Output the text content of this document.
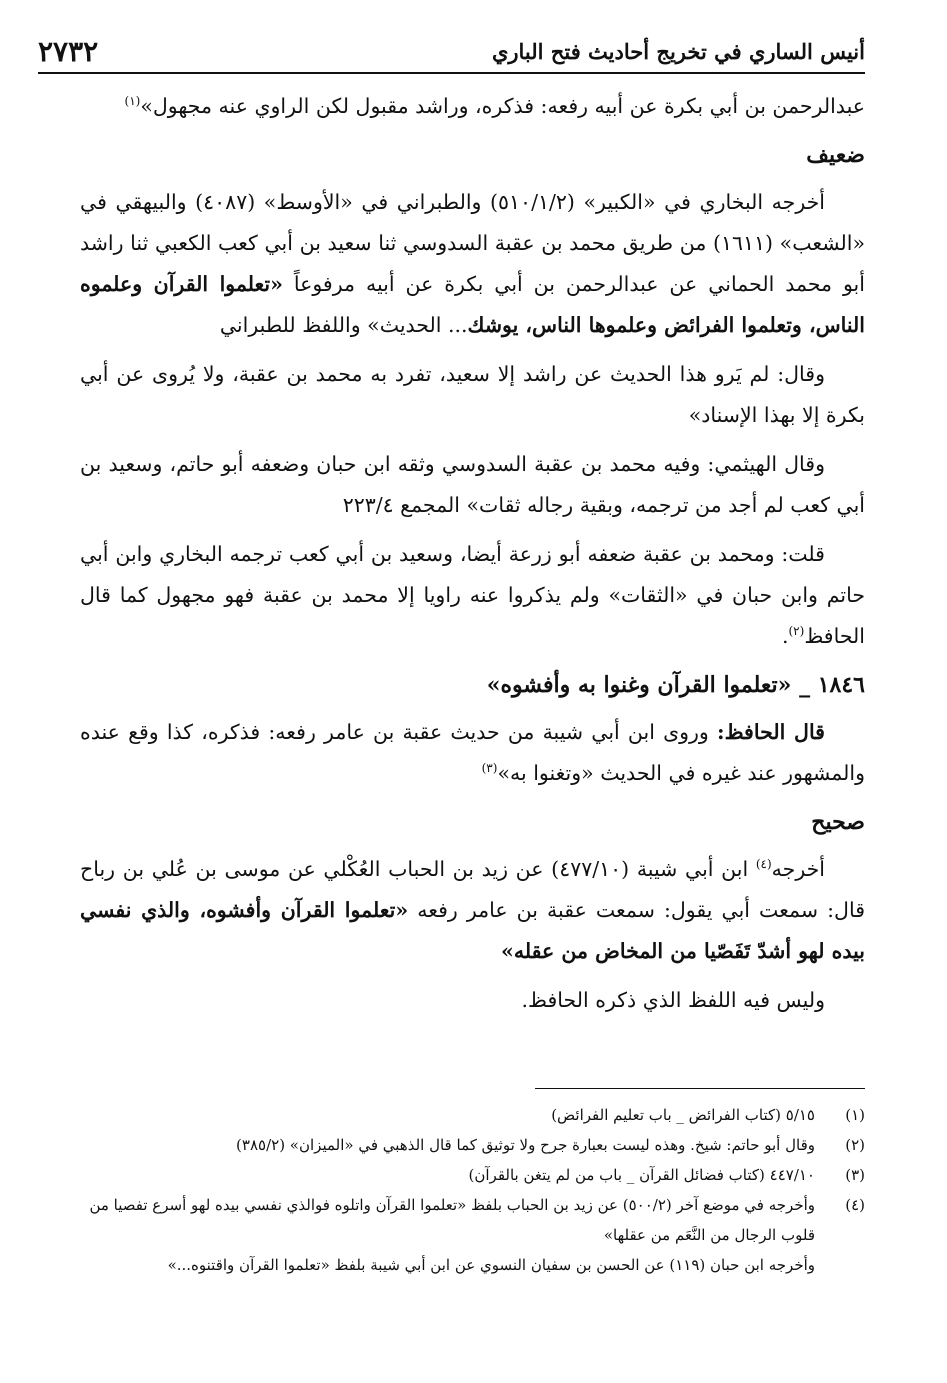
٢٧٣٢	أنيس الساري في تخريج أحاديث فتح الباري

عبدالرحمن بن أبي بكرة عن أبيه رفعه: فذكره، وراشد مقبول لكن الراوي عنه مجهول»$^{(١)}$

ضعيف

أخرجه البخاري في «الكبير» (٥١٠/١/٢) والطبراني في «الأوسط» (٤٠٨٧) والبيهقي في «الشعب» (١٦١١) من طريق محمد بن عقبة السدوسي ثنا سعيد بن أبي كعب الكعبي ثنا راشد أبو محمد الحماني عن عبدالرحمن بن أبي بكرة عن أبيه مرفوعاً «تعلموا القرآن وعلموه الناس، وتعلموا الفرائض وعلموها الناس، يوشك... الحديث» واللفظ للطبراني

وقال: لم يَرو هذا الحديث عن راشد إلا سعيد، تفرد به محمد بن عقبة، ولا يُروى عن أبي بكرة إلا بهذا الإسناد»

وقال الهيثمي: وفيه محمد بن عقبة السدوسي وثقه ابن حبان وضعفه أبو حاتم، وسعيد بن أبي كعب لم أجد من ترجمه، وبقية رجاله ثقات» المجمع ٢٢٣/٤

قلت: ومحمد بن عقبة ضعفه أبو زرعة أيضا، وسعيد بن أبي كعب ترجمه البخاري وابن أبي حاتم وابن حبان في «الثقات» ولم يذكروا عنه راويا إلا محمد بن عقبة فهو مجهول كما قال الحافظ$^{(٢)}$.

١٨٤٦ _ «تعلموا القرآن وغنوا به وأفشوه»

قال الحافظ: وروى ابن أبي شيبة من حديث عقبة بن عامر رفعه: فذكره، كذا وقع عنده والمشهور عند غيره في الحديث «وتغنوا به»$^{(٣)}$

صحيح

أخرجه$^{(٤)}$ ابن أبي شيبة (٤٧٧/١٠) عن زيد بن الحباب العُكْلي عن موسى بن عُلي بن رباح قال: سمعت أبي يقول: سمعت عقبة بن عامر رفعه «تعلموا القرآن وأفشوه، والذي نفسي بيده لهو أشدّ تَفَصّيا من المخاض من عقله»

وليس فيه اللفظ الذي ذكره الحافظ.

(١)
٥/١٥ (كتاب الفرائض _ باب تعليم الفرائض)
(٢)
وقال أبو حاتم: شيخ. وهذه ليست بعبارة جرح ولا توثيق كما قال الذهبي في «الميزان» (٣٨٥/٢)
(٣)
٤٤٧/١٠ (كتاب فضائل القرآن _ باب من لم يتغن بالقرآن)
(٤)
وأخرجه في موضع آخر (٥٠٠/٢) عن زيد بن الحباب بلفظ «تعلموا القرآن واتلوه فوالذي نفسي بيده لهو أسرع تفصيا من قلوب الرجال من النَّعَم من عقلها»
وأخرجه ابن حبان (١١٩) عن الحسن بن سفيان النسوي عن ابن أبي شيبة بلفظ «تعلموا القرآن واقتنوه...»
